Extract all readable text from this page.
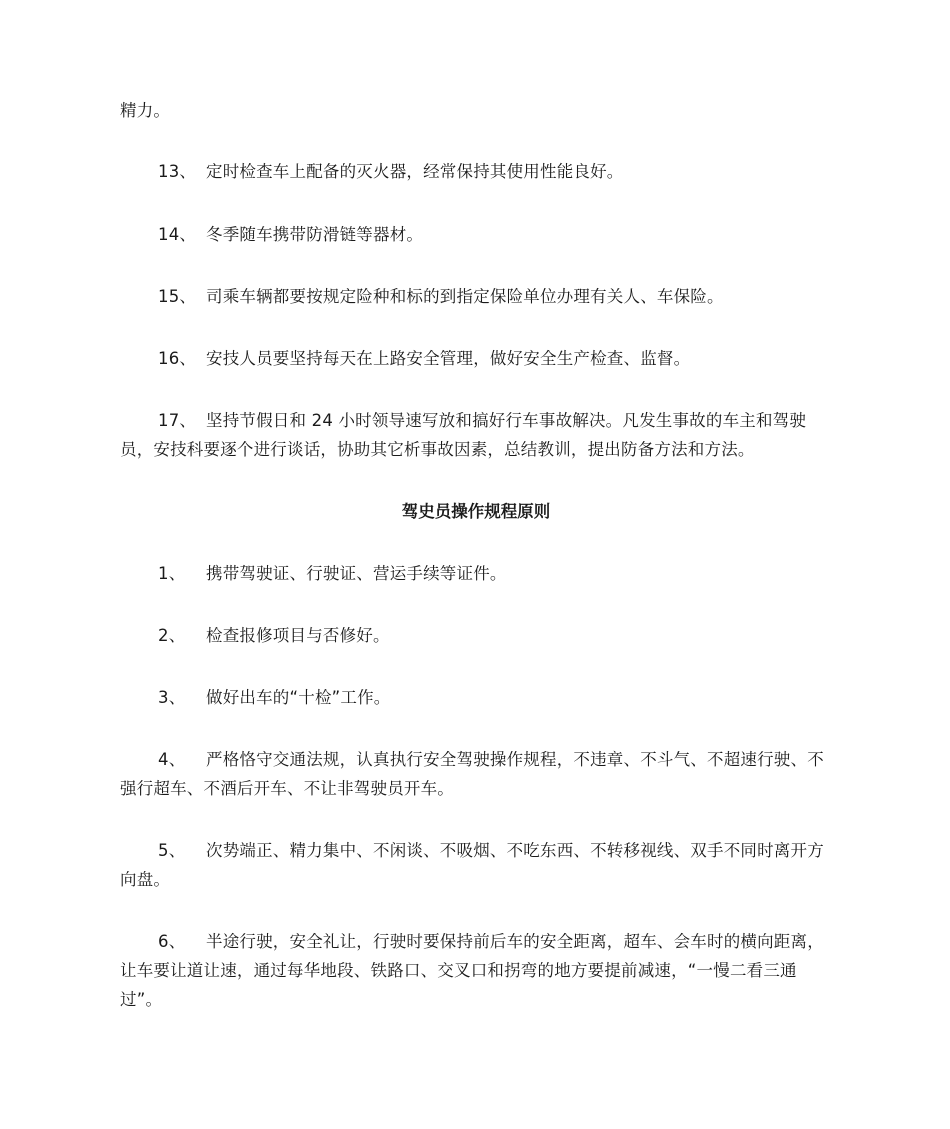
精力。
13、 定时检查车上配备的灭火器，经常保持其使用性能良好。
14、 冬季随车携带防滑链等器材。
15、 司乘车辆都要按规定险种和标的到指定保险单位办理有关人、车保险。
16、 安技人员要坚持每天在上路安全管理，做好安全生产检查、监督。
17、 坚持节假日和 24 小时领导速写放和搞好行车事故解决。凡发生事故的车主和驾驶员，安技科要逐个进行谈话，协助其它析事故因素，总结教训，提出防备方法和方法。
驾史员操作规程原则
1、 携带驾驶证、行驶证、营运手续等证件。
2、 检查报修项目与否修好。
3、 做好出车的“十检”工作。
4、 严格恪守交通法规，认真执行安全驾驶操作规程，不违章、不斗气、不超速行驶、不强行超车、不酒后开车、不让非驾驶员开车。
5、 次势端正、精力集中、不闲谈、不吸烟、不吃东西、不转移视线、双手不同时离开方向盘。
6、 半途行驶，安全礼让，行驶时要保持前后车的安全距离，超车、会车时的横向距离，让车要让道让速，通过每华地段、铁路口、交叉口和拐弯的地方要提前减速，“一慢二看三通过”。
